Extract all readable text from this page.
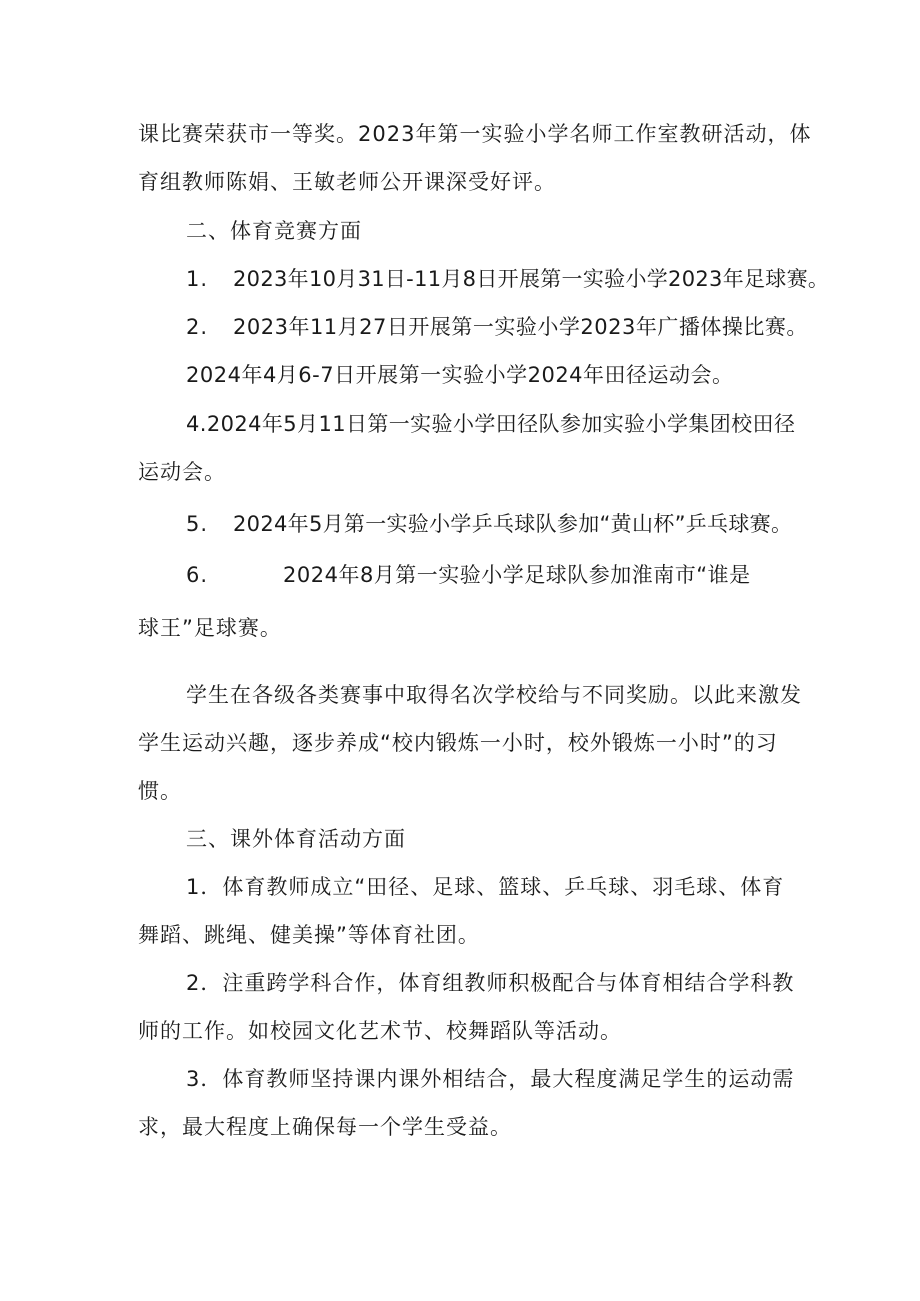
课比赛荣获市一等奖。2023年第一实验小学名师工作室教研活动，体
育组教师陈娟、王敏老师公开课深受好评。
二、体育竞赛方面
1. 2023年10月31日-11月8日开展第一实验小学2023年足球赛。
2. 2023年11月27日开展第一实验小学2023年广播体操比赛。
2024年4月6-7日开展第一实验小学2024年田径运动会。
4.2024年5月11日第一实验小学田径队参加实验小学集团校田径
运动会。
5. 2024年5月第一实验小学乒乓球队参加“黄山杯”乒乓球赛。
6.	2024年8月第一实验小学足球队参加淮南市“谁是
球王”足球赛。
学生在各级各类赛事中取得名次学校给与不同奖励。以此来激发
学生运动兴趣，逐步养成“校内锻炼一小时，校外锻炼一小时”的习
惯。
三、课外体育活动方面
1．体育教师成立“田径、足球、篮球、乒乓球、羽毛球、体育
舞蹈、跳绳、健美操”等体育社团。
2．注重跨学科合作，体育组教师积极配合与体育相结合学科教
师的工作。如校园文化艺术节、校舞蹈队等活动。
3．体育教师坚持课内课外相结合，最大程度满足学生的运动需
求，最大程度上确保每一个学生受益。
